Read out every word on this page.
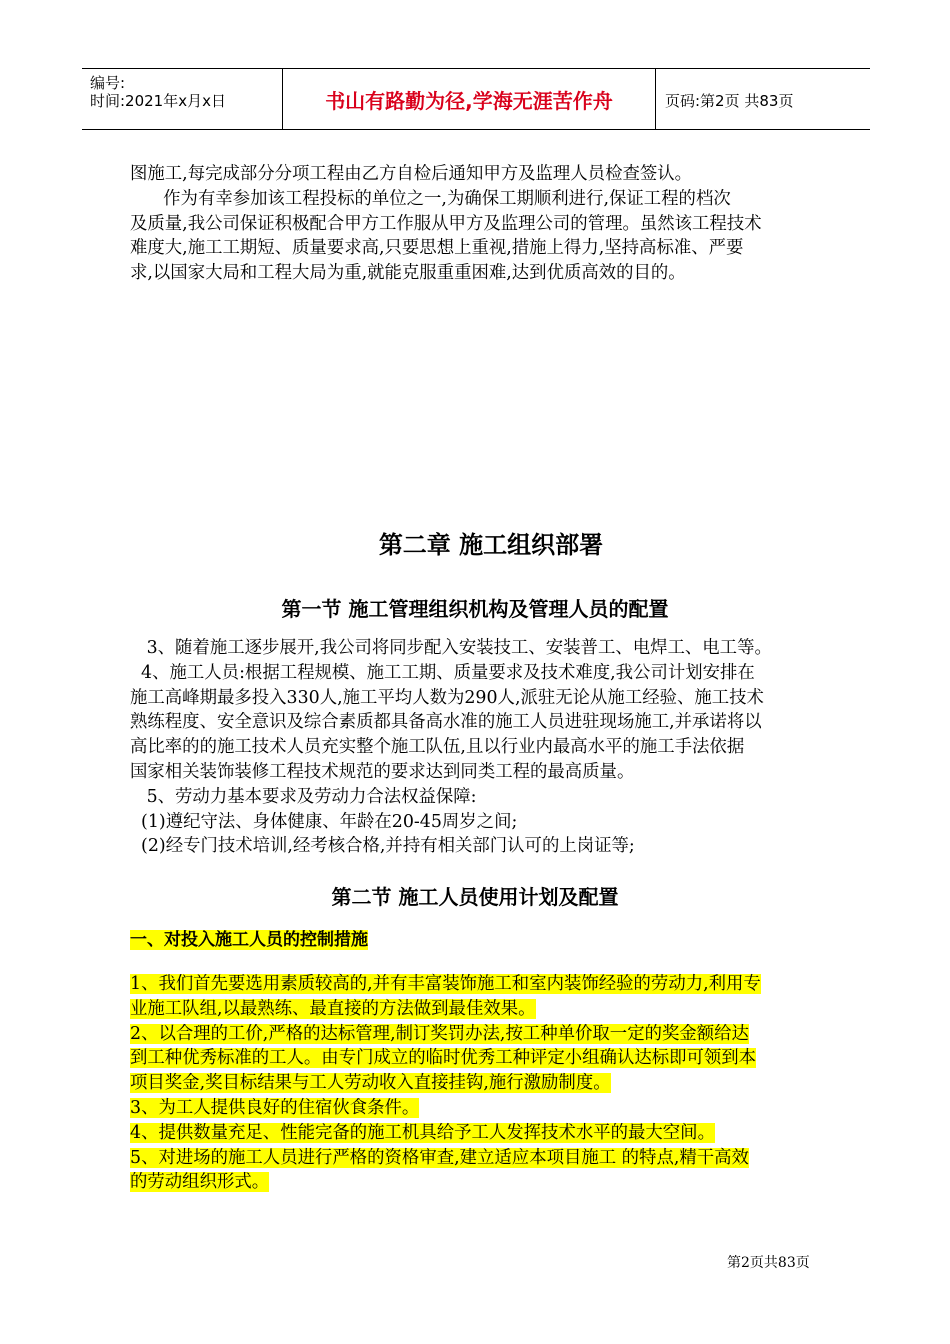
编号:
时间:2021年x月x日	书山有路勤为径,学海无涯苦作舟	页码:第2页 共83页
图施工,每完成部分分项工程由乙方自检后通知甲方及监理人员检查签认。
作为有幸参加该工程投标的单位之一,为确保工期顺利进行,保证工程的档次
及质量,我公司保证积极配合甲方工作服从甲方及监理公司的管理。虽然该工程技术
难度大,施工工期短、质量要求高,只要思想上重视,措施上得力,坚持高标准、严要
求,以国家大局和工程大局为重,就能克服重重困难,达到优质高效的目的。
第二章 施工组织部署
第一节 施工管理组织机构及管理人员的配置
3、随着施工逐步展开,我公司将同步配入安装技工、安装普工、电焊工、电工等。
4、施工人员:根据工程规模、施工工期、质量要求及技术难度,我公司计划安排在
施工高峰期最多投入330人,施工平均人数为290人,派驻无论从施工经验、施工技术
熟练程度、安全意识及综合素质都具备高水准的施工人员进驻现场施工,并承诺将以
高比率的的施工技术人员充实整个施工队伍,且以行业内最高水平的施工手法依据
国家相关装饰装修工程技术规范的要求达到同类工程的最高质量。
5、劳动力基本要求及劳动力合法权益保障:
(1)遵纪守法、身体健康、年龄在20-45周岁之间;
(2)经专门技术培训,经考核合格,并持有相关部门认可的上岗证等;
第二节 施工人员使用计划及配置
一、对投入施工人员的控制措施
1、我们首先要选用素质较高的,并有丰富装饰施工和室内装饰经验的劳动力,利用专
业施工队组,以最熟练、最直接的方法做到最佳效果。
2、以合理的工价,严格的达标管理,制订奖罚办法,按工种单价取一定的奖金额给达
到工种优秀标准的工人。由专门成立的临时优秀工种评定小组确认达标即可领到本
项目奖金,奖目标结果与工人劳动收入直接挂钩,施行激励制度。
3、为工人提供良好的住宿伙食条件。
4、提供数量充足、性能完备的施工机具给予工人发挥技术水平的最大空间。
5、对进场的施工人员进行严格的资格审查,建立适应本项目施工 的特点,精干高效
的劳动组织形式。
第2页共83页
